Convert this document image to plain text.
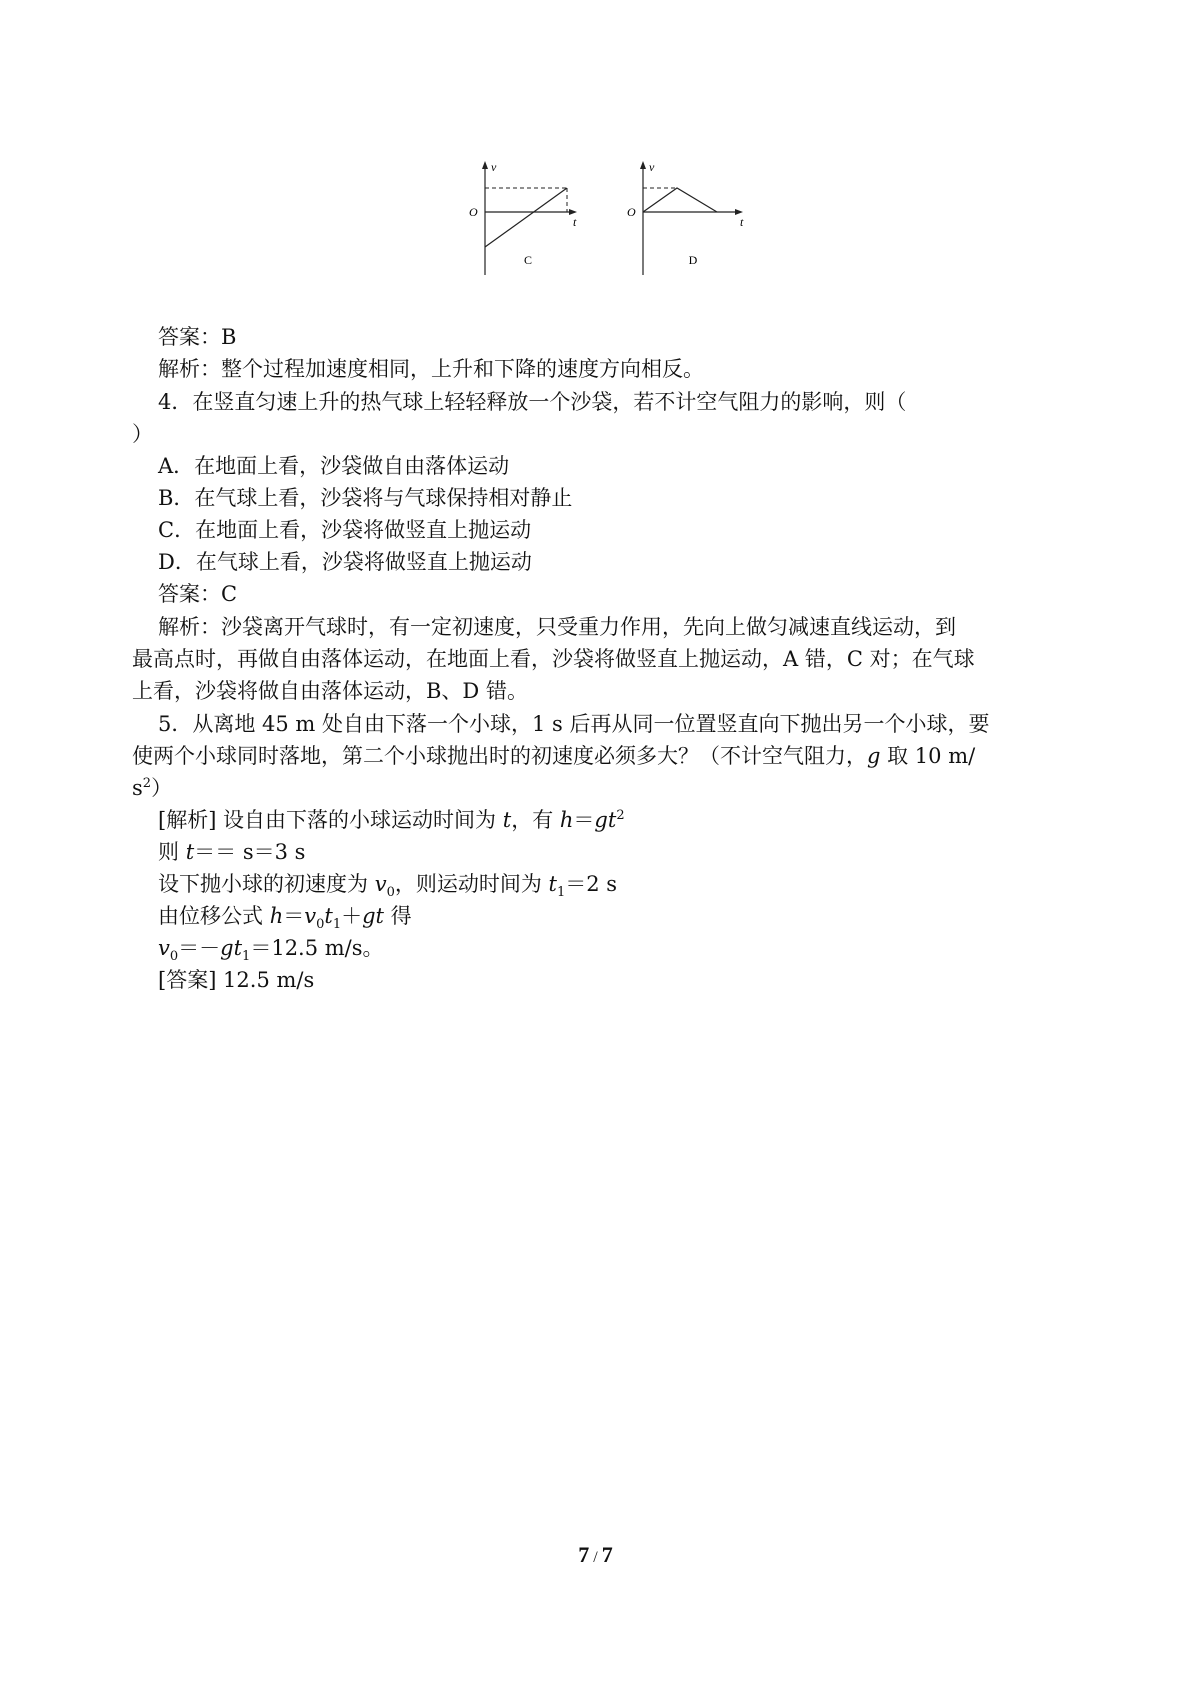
v
t
O
C
v
t
O
D
答案：B
解析：整个过程加速度相同，上升和下降的速度方向相反。
4．在竖直匀速上升的热气球上轻轻释放一个沙袋，若不计空气阻力的影响，则（
）
A．在地面上看，沙袋做自由落体运动
B．在气球上看，沙袋将与气球保持相对静止
C．在地面上看，沙袋将做竖直上抛运动
D．在气球上看，沙袋将做竖直上抛运动
答案：C
解析：沙袋离开气球时，有一定初速度，只受重力作用，先向上做匀减速直线运动，到
最高点时，再做自由落体运动，在地面上看，沙袋将做竖直上抛运动，A 错，C 对；在气球
上看，沙袋将做自由落体运动，B、D 错。
5．从离地 45 m 处自由下落一个小球，1 s 后再从同一位置竖直向下抛出另一个小球，要
使两个小球同时落地，第二个小球抛出时的初速度必须多大？（不计空气阻力，g 取 10 m/
$s^2$）
[解析] 设自由下落的小球运动时间为 t，有 $h=gt^2$
则 t＝＝ s＝3 s
设下抛小球的初速度为 $v_0$，则运动时间为 $t_1=2$ s
由位移公式 $h=v_0t_1+gt$ 得
$v_0=-gt_1=12.5$ m/s。
[答案] 12.5 m/s
7 / 7
